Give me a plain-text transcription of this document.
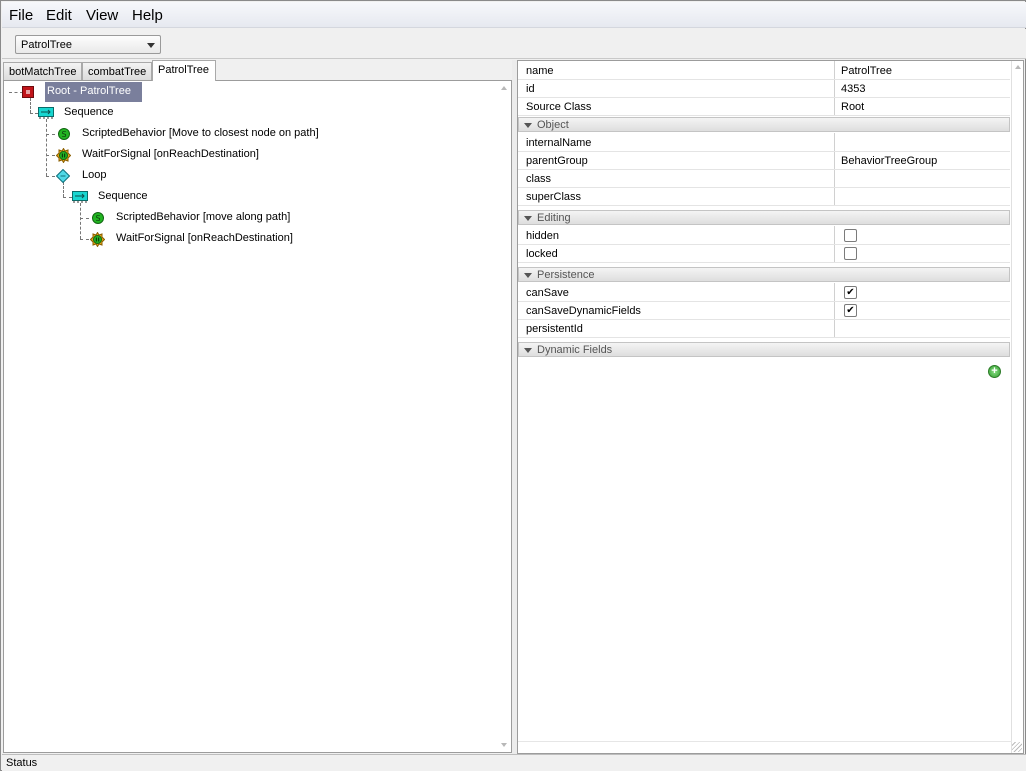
File Edit View Help
PatrolTree
botMatchTree	combatTree	PatrolTree
Root - PatrolTree
Sequence
S ScriptedBehavior [Move to closest node on path]
WaitForSignal [onReachDestination]
Loop
Sequence
S ScriptedBehavior [move along path]
WaitForSignal [onReachDestination]
name	PatrolTree
id	4353
Source Class	Root
Object
internalName
parentGroup	BehaviorTreeGroup
class
superClass
Editing
hidden
locked
Persistence
canSave	✔
canSaveDynamicFields	✔
persistentId
Dynamic Fields
+
Status
